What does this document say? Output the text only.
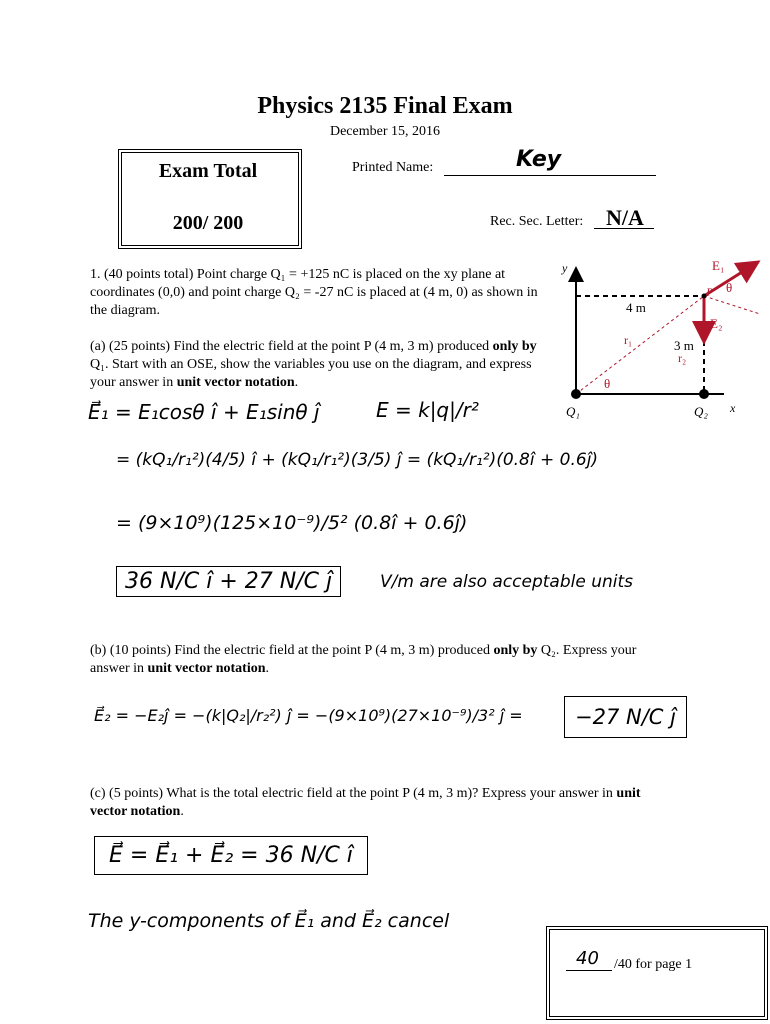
Physics 2135 Final Exam
December 15, 2016
Exam Total
200/ 200
Printed Name:	Key
Rec. Sec. Letter: N/A
1. (40 points total) Point charge Q₁ = +125 nC is placed on the xy plane at coordinates (0,0) and point charge Q₂ = -27 nC is placed at (4 m, 0) as shown in the diagram.
(a) (25 points) Find the electric field at the point P (4 m, 3 m) produced only by Q₁. Start with an OSE, show the variables you use on the diagram, and express your answer in unit vector notation.
E⃗₁ = E₁cosθ î + E₁sinθ ĵ	E = k|q|/r²
= (kQ₁/r₁²)(4/5) î + (kQ₁/r₁²)(3/5) ĵ = (kQ₁/r₁²)(0.8î + 0.6ĵ)
= (9×10⁹)(125×10⁻⁹)/5² (0.8î + 0.6ĵ)
36 N/C î + 27 N/C ĵ	V/m are also acceptable units
(b) (10 points) Find the electric field at the point P (4 m, 3 m) produced only by Q₂. Express your answer in unit vector notation.
E⃗₂ = −E₂ĵ = −(k|Q₂|/r₂²) ĵ = −(9×10⁹)(27×10⁻⁹)/3² ĵ =	−27 N/C ĵ
(c) (5 points) What is the total electric field at the point P (4 m, 3 m)? Express your answer in unit vector notation.
E⃗ = E⃗₁ + E⃗₂ = 36 N/C î
The y-components of E⃗₁ and E⃗₂ cancel
y
x
Q₁	Q₂
P
E₁
E₂
r₁
r₂
θ
θ
4 m
3 m
40 /40 for page 1
